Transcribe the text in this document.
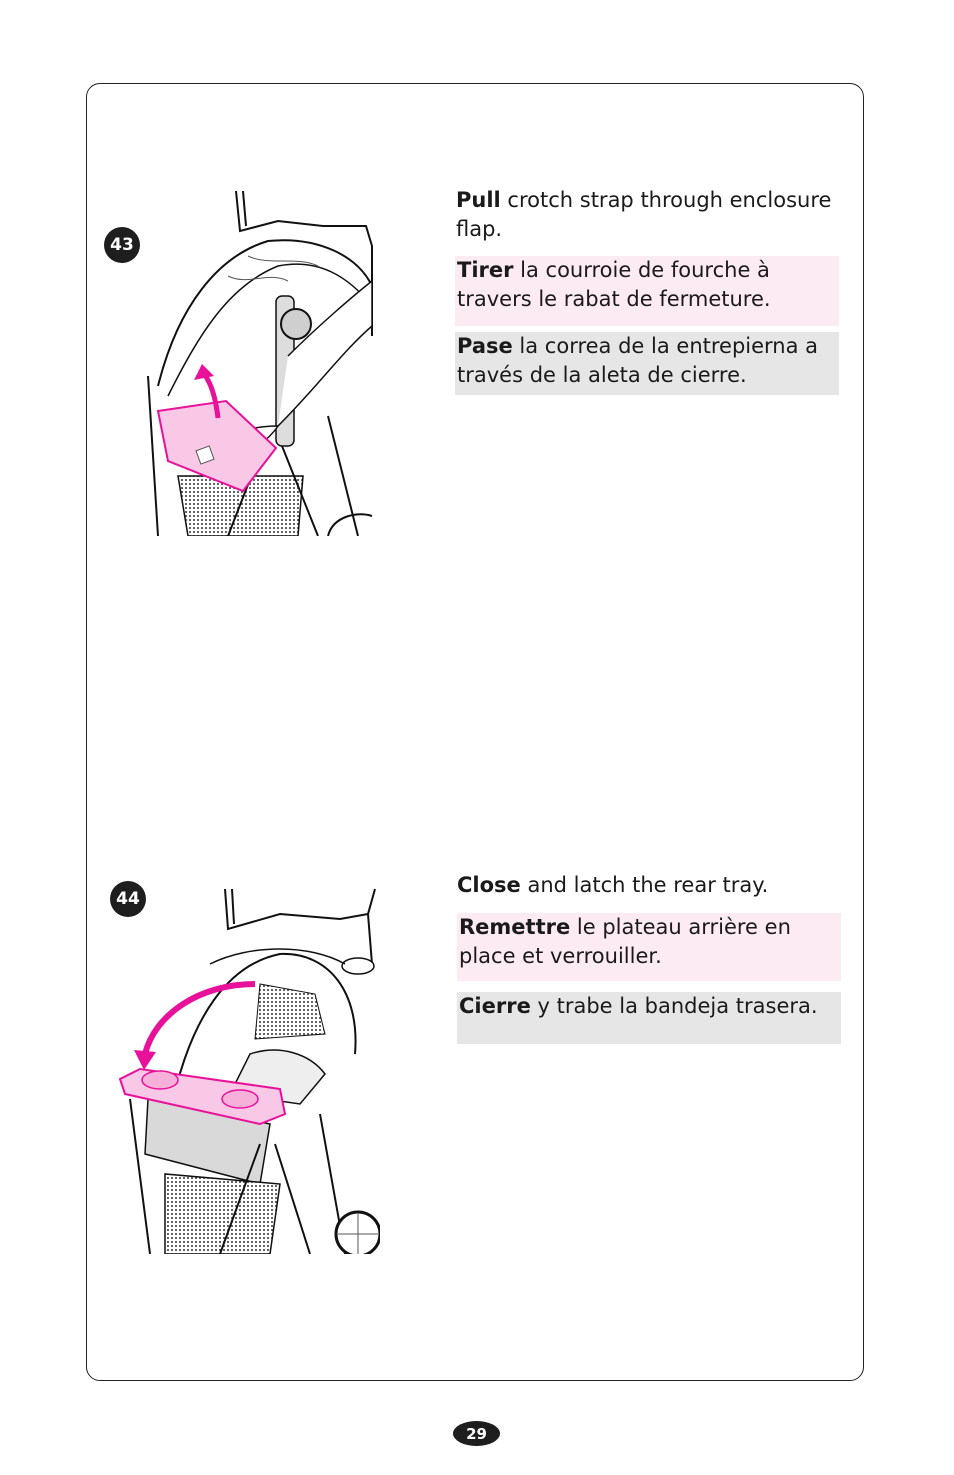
43
Pull crotch strap through enclosure flap.
Tirer la courroie de fourche à travers le rabat de fermeture.
Pase la correa de la entrepierna a través de la aleta de cierre.
44
Close and latch the rear tray.
Remettre le plateau arrière en place et verrouiller.
Cierre y trabe la bandeja trasera.
29
